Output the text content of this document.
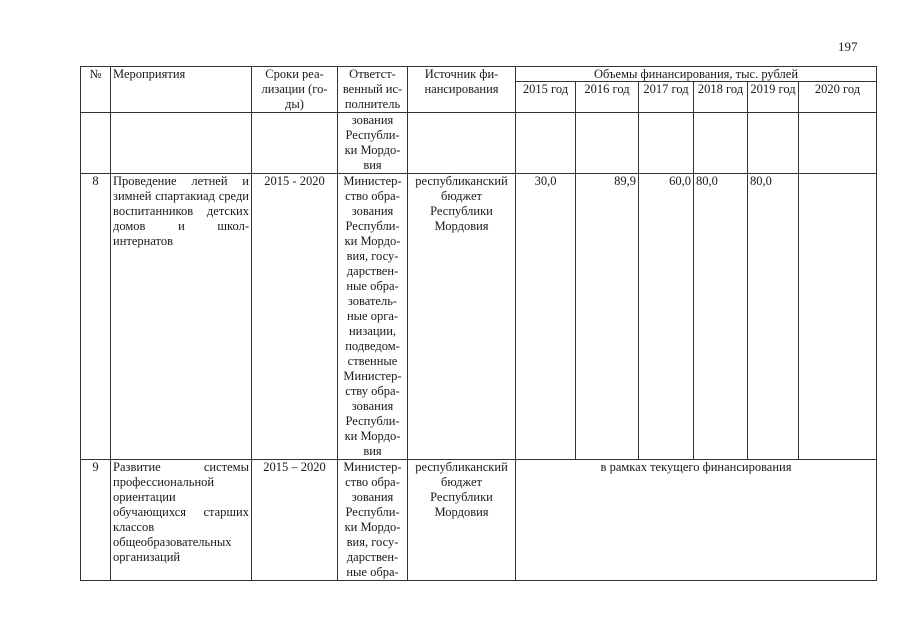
197
№	Мероприятия	Сроки реа-лизации (го-ды)	Ответст-венный ис-полнитель	Источник фи-нансирования	Объемы финансирования, тыс. рублей					
					2015 год	2016 год	2017 год	2018 год	2019 год	2020 год
			зования Республи-ки Мордо-вия							
8	Проведение летней и зимней спартакиад среди воспитанников детских домов и школ-интернатов	2015 - 2020	Министер-ство обра-зования Республи-ки Мордо-вия, госу-дарствен-ные обра-зователь-ные орга-низации, подведом-ственные Министер-ству обра-зования Республи-ки Мордо-вия	республиканский бюджет Республики Мордовия	30,0	89,9	60,0	80,0	80,0	
9	Развитие системы профессиональной ориентации обучающихся старших классов общеобразовательных организаций	2015 – 2020	Министер-ство обра-зования Республи-ки Мордо-вия, госу-дарствен-ные обра-	республиканский бюджет Республики Мордовия	в рамках текущего финансирования					
